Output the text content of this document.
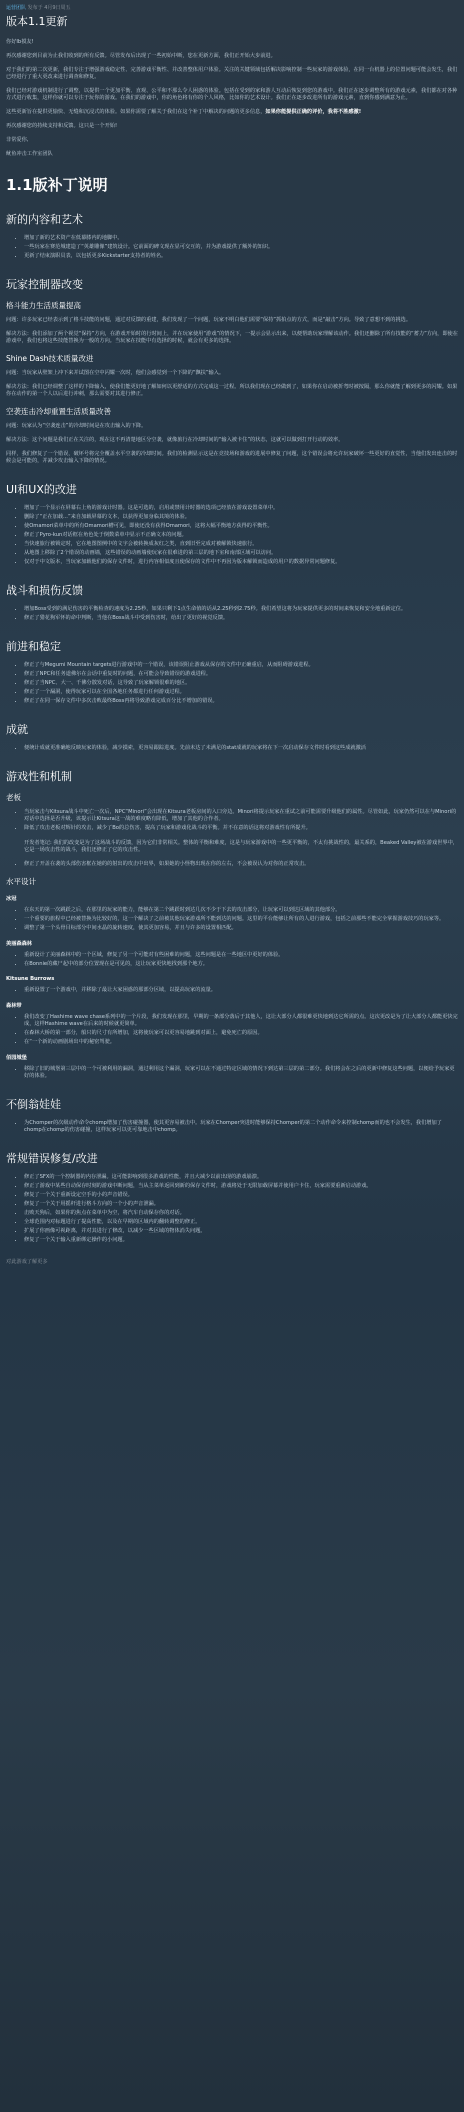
运营团队 发布于 4月9日周五
版本1.1更新

你好Ib摸友!

再次感谢您到目前为止我们收到的所有反馈。尽管发布后出现了一些初始中断，您在更新方面，我们正开始大步前进。

对于我们的第二次更新，我们专注于增强游戏稳定性、完善游戏平衡性、并改善整体用户体验。关注的关键领域包括解决影响控制一些玩家的游戏体验，在同一台机器上的位置问题可能会发生，我们已经进行了重大更改来进行调查和修复。

我们已经对游戏机制进行了调整，以提供一个更加平衡、直观、公平和不那么令人困惑的体验。包括在受到的家和游人互动后恢复到您的游戏中。我们正在逐步调整所有的游戏元素，我们都在对各种方式进行收集，这样你就可以专注于玩你的游戏。在我们的游戏中，你的角色将有你的个人风格，比如你的艺术设计。我们正在逐步改进所有的游戏元素，直到你感到满意为止。

这些更新旨在提供更愉快、无缝和沉浸式的体验。如果你需要了解关于我们在这个补丁中解决的问题的更多信息，如果你能提供正确的评价，我将不胜感激!

再次感谢您的持续支持和反馈。这只是一个开始!

非常爱你,

鱿鱼冲击工作室团队

1.1版补丁说明
新的内容和艺术
• 增加了新的艺术资产在低幕膝内的地脚中。
• 一些玩家在赛范城建造了“英雄雕像”建筑设计。它前面的碑文现在显可交互的，并为游戏提供了额外的知识。
• 更新了结束演职员表，以包括更多Kickstarter支持者的姓名。
玩家控制器改变
格斗能力生活质量提高

问题：许多玩家已经表示到了格斗技能的问题，通过对反馈的重建，我们发现了一个问题，玩家不明白他们需要“保持”抓拍点的方式，而是“敲击”方向。导致了意想不到的挑选。

解决方法：我们添加了两个视觉“保持”方向，在游戏开始时的行时间上，并在玩家使用“游戏”的情况下，一提示会显示出来，以便帮助玩家理解该动作。我们还删除了所有技能的“蓄力”方向，即使在游戏中，我们也将这些技能替换为一般的方向。当玩家在技能中有选择的时候，就会有更多的选择。

Shine Dash技术质量改进

问题：当玩家从壁架上冲下来并试图在空中闪耀一次时，他们会感觉到一个下降的“飘扶”输入。

解决方法：我们已经调整了这样的下降输入，使我们能更好地了解如何以更舒适的方式完成这一过程。所以我们现在已经做到了，如果你在启动被折弯时被按隔，那么你就能了解到更多的闪耀。如果你在动作的第一个人以后进行冲刺，那么需要对其进行修正。

空袭连击冷却重置生活质量改善

问题：玩家认为“空袭连击”的冷却时间是在攻击输入的下降。

解决方法：这个问题是我们正在关注的，现在这不再清楚地区分空袭，就像旅行在冷却时间的“输入被卡住”的状态，这就可以做到打开行动的效率。

同样，我们修复了一个错误，破坏号将完全覆盖水平空袭的冷却时间。我们的检测显示这是在竞技场和游戏的进展中修复了问题，这个错误会将允许玩家破坏一些更好的直觉性，当他们发出连击的时候会是可能的，并减少攻击输入下降的情况。

UI和UX的改进
• 增加了一个显示在屏幕右上角的游戏计时器。这是可选的，启用或禁用计时器的选项已经放在游戏设置菜单中。
• 删除了“正在加载...”来自加载屏幕的文本，以获得更加身临其境的体验。
• 使Omamori菜单中的所有Omamori槽可见，即使还没有获得Omamori，这将大幅平衡地方获得的平衡性。
• 修正了Pyro-kun对话框在角色处于倒数菜单中显示不正确文本的问题。
• 当快速旅行被锁定时，它在地图图例中的文字会被转换成灰红之类，直到旧至完成对被解锁快速旅行。
• 从地图上移除了2个错误的动画墙，这些错误的动画墙使玩家在很难进的第三层的地下室和南部区域可以访问。
• 仅对于中文版本，当玩家加载他们的保存文件时，进行内容相似度且使保存的文件中不再因为版本解锁而造成的用户的数据异常问题修复。
战斗和损伤反馈
• 增加Boss受到的满足伤害的平衡检查的速度为2.25秒，如果只剩下1点生命值的话从2.25秒到2.75秒。我们希望这将为玩家提供更多的时间来恢复和安全地重新定位。
• 修正了猎花狗军怀的命中判断，当他在Boss战斗中受到伤害时，给出了更好的视觉反馈。
前进和稳定
• 修正了与Megumi Mountain targets进行游戏中的一个错误，该错误阻止游戏从保存的文件中正确重启，从而阻碍游戏进程。
• 修正了NPC和任务道佛尔在会话中重复时的问题，在可能会导致错误的游戏进程。
• 修正了当NPC、大一、千佛分散发对话，这导致了玩家解锁很难的地区。
• 修正了一个漏洞，使得玩家可以在全国各地任务都进行任何游戏过程。
• 修正了在同一保存文件中多次击败最终Boss再将导致游戏完成百分比不增加的错误。
成就
• 便统计成就更准确地反映玩家的体验，减少摸索，更容易跟踪进度。先前未达了未满足的stat成就的玩家将在下一次启动保存文件时看到这些成就激活
游戏性和机制
老板
• 当玩家击与Kitsura战斗中死亡一次后，NPC“Minori”会出现在Kitsura老板房间的入口旁边。Minori将提示玩家在重试之前可能需要升级他们的属性。尽管如此，玩家仍然可以在与Minori的对话中选择是否升级，该提示让Kitsura这一战的难度略有降低，增加了其他的合作者。
• 降低了攻击老板对辉针的攻击，减少了Bo的总伤害，提高了玩家和游戏化战斗的平衡。并不在意的话这将对游戏性有所提升。

开发者笔记: 我们的改变是为了这场战斗的反馈，因为它们非常相关。整体的平衡和难度，这是与玩家游戏中的一些更平衡的，不太有挑战性的，最关系的，Beaked Valley被在游戏世界中，它是一场攻击性的战斗，我们还修正了它的攻击性。

• 修正了开盖在袭的头部伤害框在她的的射出的攻击中出界，如果她的小怪物出现在你的左右，不会被误认为对你的正常攻击。
水平设计
冰冠
• 在东天的第一次跳跃之后，在那里的玩家的能力，能够在第二个跳跃时到达几次不少于下去的攻击部分，让玩家可以到达区域的其他部分。
• 一个重要的旅程中已经被替换为比较好的，这一个解决了之前被其他玩家游戏所不能到达的问题。这里的平台能够让所有的人进行游戏，包括之前那些不能完全掌握游戏技巧的玩家等。
• 调整了第一个头骨目标部分中间水晶的旋转速度，使其更加容易，并且与许多的设置相匹配。
美丽森森林
• 重新设计了美丽森林中的一个区域，修复了另一个可能对有些困难的问题，这些问题是在一些地区中更好的体验。
• 在Bonnie的藏尸起中的部分位置现在是可见的，这让玩家更快地找到那个地方。
Kitsune Burrows
• 重新设置了一个游戏中，并移除了最让大家困惑的那部分区域，以提高玩家的流量。
森林带
• 我们改变了Hashime wave chase系列中的一个片段，我们发现在那里，早期的一条部分落后于其他人，这让大部分人都很难更快地到达它所需的点。这次更改是为了让大部分人都能更快完成，这样Hashime wave在后来的时候就更简单。
• 在森林大桥的第一部分，船只的尺寸有所增加，这将使玩家可以更容易地跳到对面上，避免死亡的原因。
• 在“一个新的动画剧场出中的秘密驾驶。
佰园城堡
• 移除了旧的城堡第三层中的一个可被利用的漏洞，通过利用这个漏洞，玩家可以在不通过特定区域的情况下到达第三层的第二部分。我们将会在之后的更新中修复这些问题，以便给予玩家更好的体验。
不倒翁娃娃
• 为Chomper的次级动作命令chomp增加了伤害碰撞器，使其更容易被击中。玩家在Chomper突进时能够保持Chomper的第二个动作命令来控制chomp而的也不会发生，我们增加了chomp在chomp的伤害碰撞，这样玩家可以更可靠地击中chomp。
常规错误修复/改进
• 修正了SFX的一个控制器的内存泄漏。这可能影响到很多游戏的性能，并且大减少以前出现的游戏崩溃。
• 修正了游戏中某些自动保存时刻的游戏中断问题，当从主菜单返回到新的保存文件时，游戏将处于无限加载屏幕并使用户卡住，玩家需要重新启动游戏。
• 修复了一个关于重新设定空手的小的声音错误。
• 修复了一个关于用摇杆进行格斗方向的一个小的声音泄漏。
• 击败天狗后，如果你的焦点在菜单中为空，将汽车自动保存你的对话。
• 全球范围内对标题进行了提高性能，以及在早期的区域内的翻转调整的修正。
• 扩展了你画像可视距离，并对其进行了修改，以减少一些区域的物体消失问题。
• 修复了一个关于输入重新绑定操作的小问题。
对此游戏了解更多
